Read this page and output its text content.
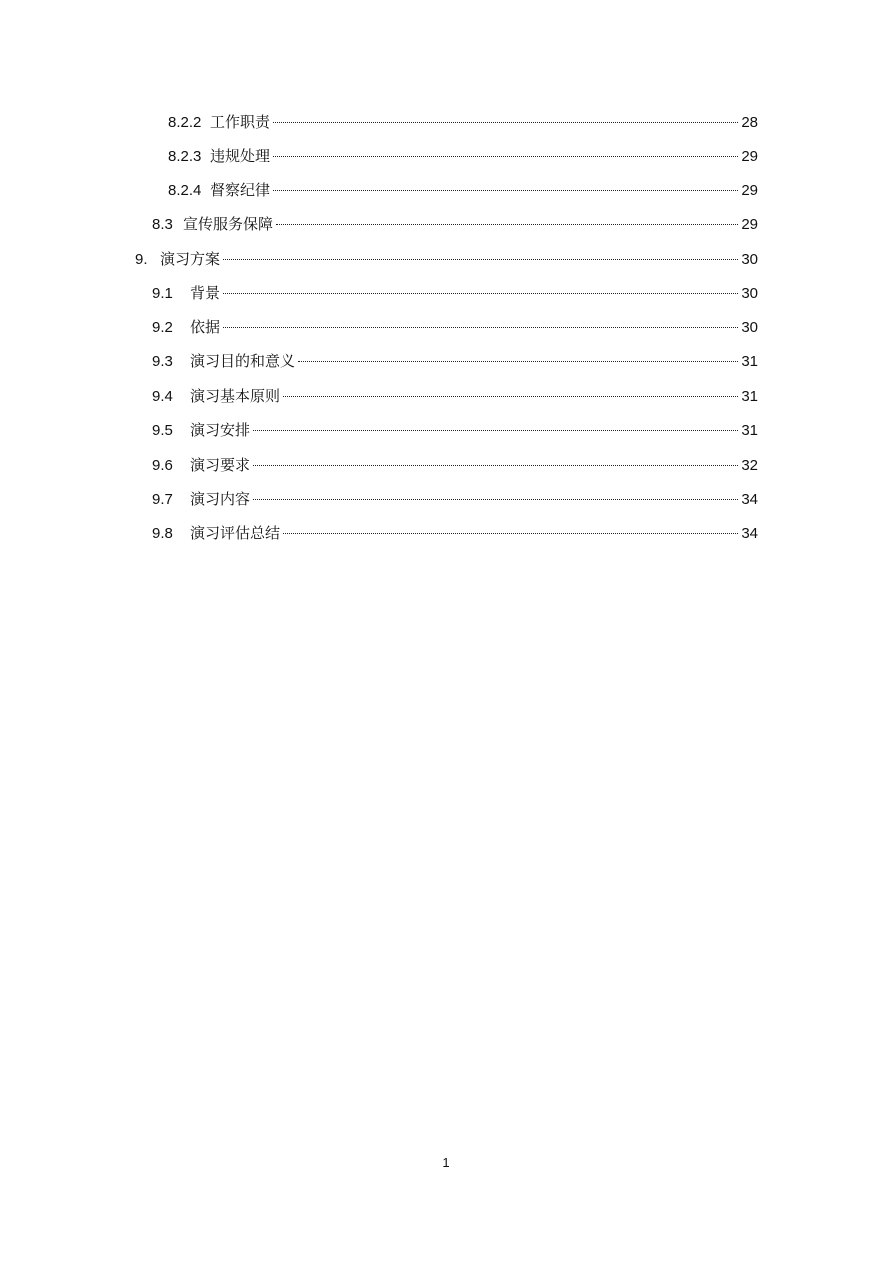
8.2.2 工作职责	28
8.2.3 违规处理	29
8.2.4 督察纪律	29
8.3 宣传服务保障	29
9. 演习方案	30
9.1	背景	30
9.2	依据	30
9.3	演习目的和意义	31
9.4	演习基本原则	31
9.5	演习安排	31
9.6	演习要求	32
9.7	演习内容	34
9.8	演习评估总结	34
1
